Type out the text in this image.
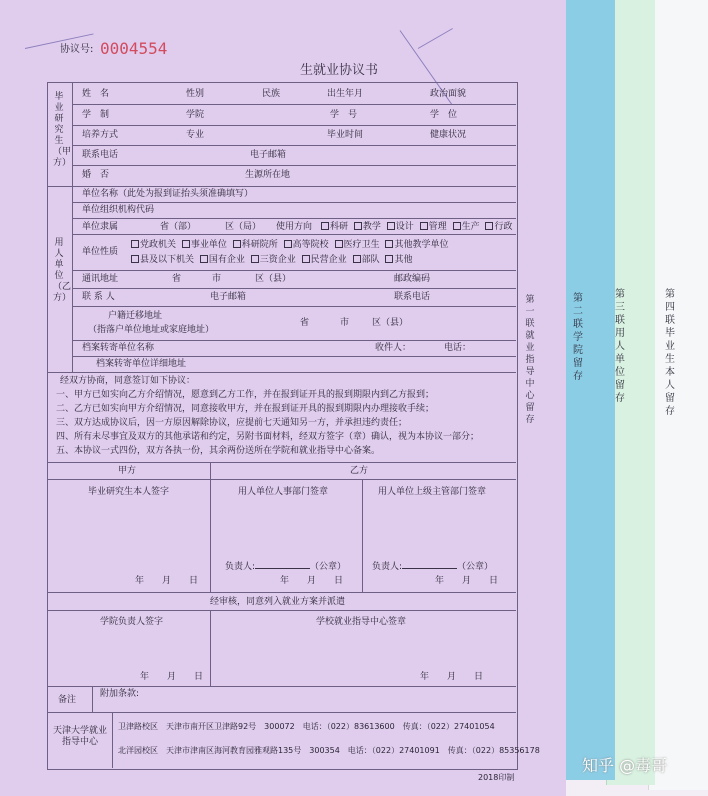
第四联　毕业生本人留存
第三联　用人单位留存
第二联　学院留存
协议号: 0004554
生就业协议书
毕业研究生（甲方）
姓　名	性别	民族	出生年月	政治面貌
学　制	学院	学　号	学　位
培养方式	专业	毕业时间	健康状况
联系电话	电子邮箱
婚　否	生源所在地
用人单位（乙方）
单位名称（此处为报到证抬头须准确填写）
单位组织机构代码
单位隶属	省（部）	区（局） 使用方向	科研 教学 设计 管理 生产 行政
单位性质
党政机关 事业单位 科研院所 高等院校 医疗卫生 其他教学单位
县及以下机关 国有企业 三资企业 民营企业 部队 其他
通讯地址	省	市	区（县）	邮政编码
联 系 人	电子邮箱	联系电话
户籍迁移地址
（指落户单位地址或家庭地址）
省	市	区（县）
档案转寄单位名称	收件人：	电话：
档案转寄单位详细地址
经双方协商，同意签订如下协议：
一、甲方已如实向乙方介绍情况，愿意到乙方工作，并在报到证开具的报到期限内到乙方报到；
二、乙方已如实向甲方介绍情况，同意接收甲方，并在报到证开具的报到期限内办理接收手续；
三、双方达成协议后，因一方原因解除协议，应提前七天通知另一方，并承担违约责任；
四、所有未尽事宜及双方的其他承诺和约定，另附书面材料，经双方签字（章）确认，视为本协议一部分；
五、本协议一式四份，双方各执一份，其余两份送所在学院和就业指导中心备案。
甲方	乙方
毕业研究生本人签字	用人单位人事部门签章	用人单位上级主管部门签章
负责人:	（公章）	负责人:	（公章）
年　　月　　日	年　　月　　日	年　　月　　日
经审核，同意列入就业方案并派遣
学院负责人签字	学校就业指导中心签章
年　　月　　日	年　　月　　日
备注
附加条款:
天津大学就业指导中心
卫津路校区　天津市南开区卫津路92号　300072　电话：（022）83613600　传真：（022）27401054
北洋园校区　天津市津南区海河教育园雅观路135号　300354　电话：（022）27401091　传真：（022）85356178
2018印制
第一联　就业指导中心留存
知乎 @毒哥
